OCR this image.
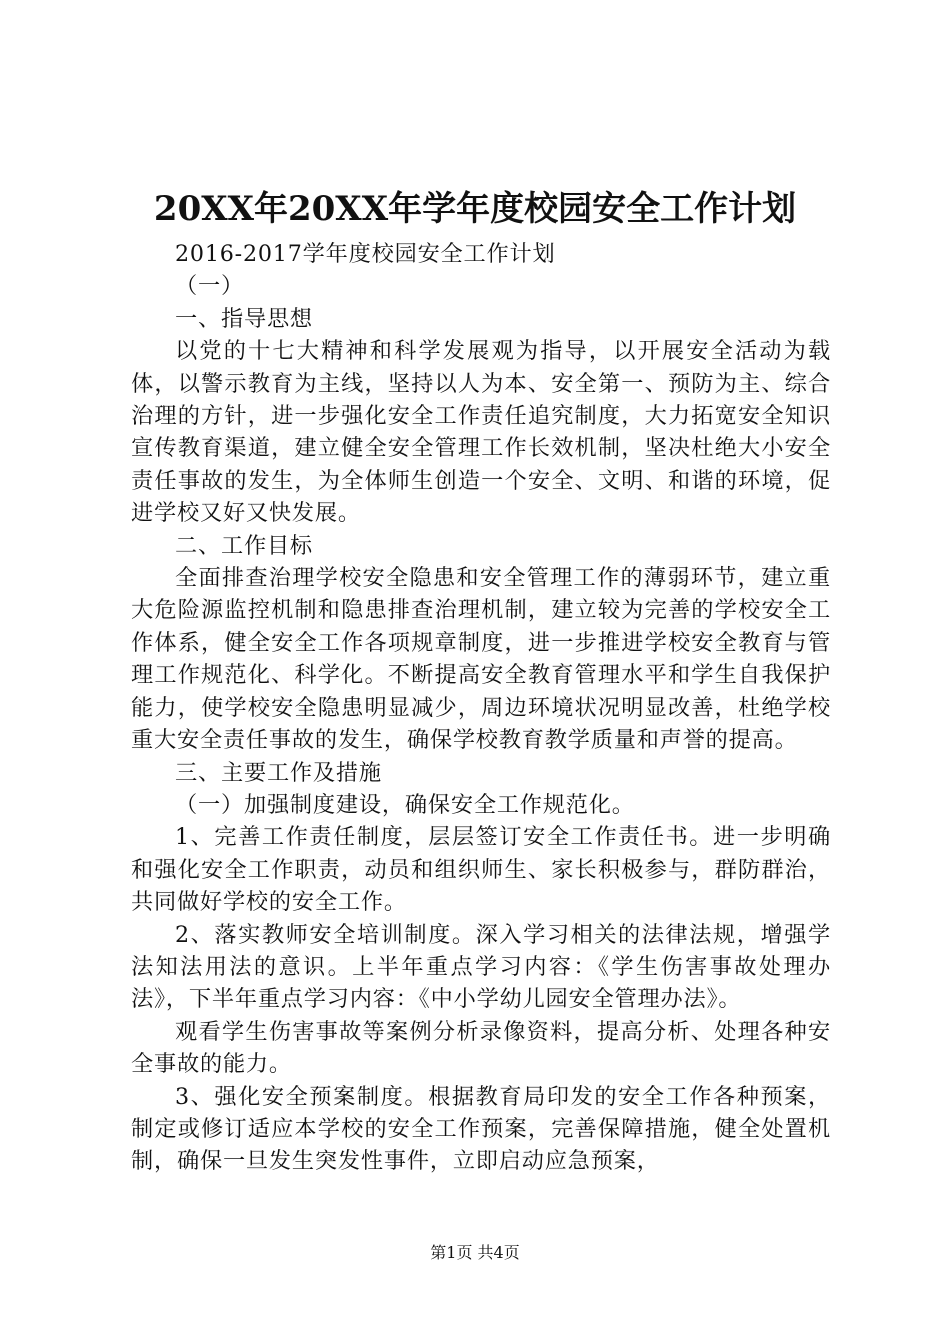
20XX年20XX年学年度校园安全工作计划

2016-2017学年度校园安全工作计划

（一）

一、指导思想

以党的十七大精神和科学发展观为指导，以开展安全活动为载体，以警示教育为主线，坚持以人为本、安全第一、预防为主、综合治理的方针，进一步强化安全工作责任追究制度，大力拓宽安全知识宣传教育渠道，建立健全安全管理工作长效机制，坚决杜绝大小安全责任事故的发生，为全体师生创造一个安全、文明、和谐的环境，促进学校又好又快发展。

二、工作目标

全面排查治理学校安全隐患和安全管理工作的薄弱环节，建立重大危险源监控机制和隐患排查治理机制，建立较为完善的学校安全工作体系，健全安全工作各项规章制度，进一步推进学校安全教育与管理工作规范化、科学化。不断提高安全教育管理水平和学生自我保护能力，使学校安全隐患明显减少，周边环境状况明显改善，杜绝学校重大安全责任事故的发生，确保学校教育教学质量和声誉的提高。

三、主要工作及措施

（一）加强制度建设，确保安全工作规范化。

1、完善工作责任制度，层层签订安全工作责任书。进一步明确和强化安全工作职责，动员和组织师生、家长积极参与，群防群治，共同做好学校的安全工作。

2、落实教师安全培训制度。深入学习相关的法律法规，增强学法知法用法的意识。上半年重点学习内容：《学生伤害事故处理办法》，下半年重点学习内容：《中小学幼儿园安全管理办法》。

观看学生伤害事故等案例分析录像资料，提高分析、处理各种安全事故的能力。

3、强化安全预案制度。根据教育局印发的安全工作各种预案，制定或修订适应本学校的安全工作预案，完善保障措施，健全处置机制，确保一旦发生突发性事件，立即启动应急预案，

第1页 共4页
